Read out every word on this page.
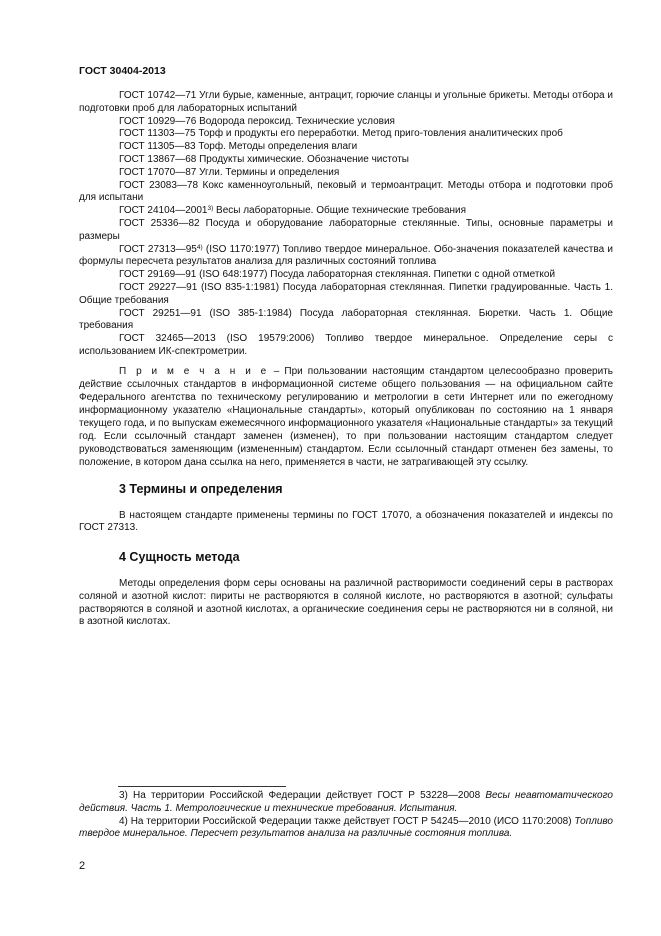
ГОСТ 30404-2013

ГОСТ 10742—71 Угли бурые, каменные, антрацит, горючие сланцы и угольные брикеты. Методы отбора и подготовки проб для лабораторных испытаний

ГОСТ 10929—76 Водорода пероксид. Технические условия

ГОСТ 11303—75 Торф и продукты его переработки. Метод приго-товления аналитических проб

ГОСТ 11305—83 Торф. Методы определения влаги

ГОСТ 13867—68 Продукты химические. Обозначение чистоты

ГОСТ 17070—87 Угли. Термины и определения

ГОСТ 23083—78 Кокс каменноугольный, пековый и термоантрацит. Методы отбора и подготовки проб для испытани

ГОСТ 24104—2001$^{3)}$ Весы лабораторные. Общие технические требования

ГОСТ 25336—82 Посуда и оборудование лабораторные стеклянные. Типы, основные параметры и размеры

ГОСТ 27313—95$^{4)}$ (ISO 1170:1977) Топливо твердое минеральное. Обо-значения показателей качества и формулы пересчета результатов анализа для различных состояний топлива

ГОСТ 29169—91 (ISO 648:1977) Посуда лабораторная стеклянная. Пипетки с одной отметкой

ГОСТ 29227—91 (ISO 835-1:1981) Посуда лабораторная стеклянная. Пипетки градуированные. Часть 1. Общие требования

ГОСТ 29251—91 (ISO 385-1:1984) Посуда лабораторная стеклянная. Бюретки. Часть 1. Общие требования

ГОСТ 32465—2013 (ISO 19579:2006) Топливо твердое минеральное. Определение серы с использованием ИК-спектрометрии.

П р и м е ч а н и е – При пользовании настоящим стандартом целесообразно проверить действие ссылочных стандартов в информационной системе общего пользования — на официальном сайте Федерального агентства по техническому регулированию и метрологии в сети Интернет или по ежегодному информационному указателю «Национальные стандарты», который опубликован по состоянию на 1 января текущего года, и по выпускам ежемесячного информационного указателя «Национальные стандарты» за текущий год. Если ссылочный стандарт заменен (изменен), то при пользовании настоящим стандартом следует руководствоваться заменяющим (измененным) стандартом. Если ссылочный стандарт отменен без замены, то положение, в котором дана ссылка на него, применяется в части, не затрагивающей эту ссылку.

3 Термины и определения

В настоящем стандарте применены термины по ГОСТ 17070, а обозначения показателей и индексы по ГОСТ 27313.

4 Сущность метода

Методы определения форм серы основаны на различной растворимости соединений серы в растворах соляной и азотной кислот: пириты не растворяются в соляной кислоте, но растворяются в азотной; сульфаты растворяются в соляной и азотной кислотах, а органические соединения серы не растворяются ни в соляной, ни в азотной кислотах.

3) На территории Российской Федерации действует ГОСТ Р 53228—2008 Весы неавтоматического действия. Часть 1. Метрологические и технические требования. Испытания.

4) На территории Российской Федерации также действует ГОСТ Р 54245—2010 (ИСО 1170:2008) Топливо твердое минеральное. Пересчет результатов анализа на различные состояния топлива.

2
